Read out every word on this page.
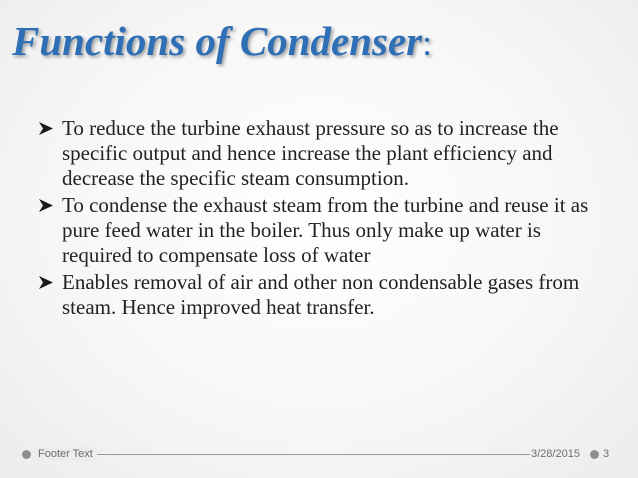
Functions of Condenser:
To reduce the turbine exhaust pressure so as to increase the specific output and hence increase the plant efficiency and decrease the specific steam consumption.
To condense the exhaust steam from the turbine and reuse it as pure feed water in the boiler. Thus only make up water is required to compensate loss of water
Enables removal of air and other non condensable gases from steam. Hence improved heat transfer.
Footer Text	3/28/2015 3
